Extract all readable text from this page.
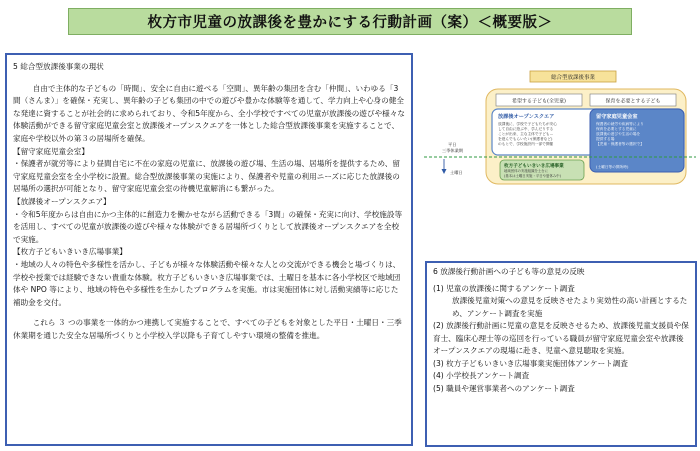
枚方市児童の放課後を豊かにする行動計画（案）＜概要版＞

5 総合型放課後事業の現状

自由で主体的な子どもの「時間」、安全に自由に遊べる「空間」、異年齢の集団を含む「仲間」、いわゆる「3間（さんま）」を確保・充実し、異年齢の子ども集団の中での遊びや豊かな体験等を通して、学力向上や心身の健全な発達に資することが社会的に求められており、令和5年度から、全小学校ですべての児童が放課後の遊びや様々な体験活動ができる留守家庭児童会室と放課後オープンスクエアを一体とした総合型放課後事業を実施することで、家庭や学校以外の第３の居場所を確保。

【留守家庭児童会室】

・保護者が就労等により昼間自宅に不在の家庭の児童に、放課後の遊び場、生活の場、居場所を提供するため、留守家庭児童会室を全小学校に設置。総合型放課後事業の実施により、保護者や児童の利用ニーズに応じた放課後の居場所の選択が可能となり、留守家庭児童会室の待機児童解消にも繋がった。

【放課後オープンスクエア】

・令和5年度からは自由にかつ主体的に創造力を働かせながら活動できる「3間」の確保・充実に向け、学校施設等を活用し、すべての児童が放課後の遊びや様々な体験ができる居場所づくりとして放課後オープンスクエアを全校で実施。

【枚方子どもいきいき広場事業】

・地域の人々の特色や多様性を活かし、子どもが様々な体験活動や様々な人との交流ができる機会と場づくりは、学校や授業では経験できない貴重な体験。枚方子どもいきいき広場事業では、土曜日を基本に各小学校区で地域団体や NPO 等により、地域の特色や多様性を生かしたプログラムを実施。市は実施団体に対し活動実績等に応じた補助金を交付。

これら ３ つの事業を一体的かつ連携して実施することで、すべての子どもを対象とした平日・土曜日・三季休業期を通じた安全な居場所づくりと小学校入学以降も子育てしやすい環境の整備を推進。

総合型放課後事業
希望する子ども(全児童)	保育を必要とする子ども
放課後オープンスクエア
放課後に、学校で子どもたちが安心
して自由に遊ぶ中、学んだりする
ことが出来、主な主体で子ども…
を遊んでもらいたい(保護者など)
のもとで、学校施設内一部で開催
留守家庭児童会室
保護者の就労や疾病等により
保育を必要とする児童に
放課後の遊びや生活の場を
提供する場
【児童・保護者等の選択で】
(土曜日等の開所時)
枚方子どもいきいき広場事業
地域団体の実施組織を土台に
(基本は土曜日実施・平日や夏休み中)
平日
三季休業期
土曜日

6 放課後行動計画への子ども等の意見の反映

(1) 児童の放課後に関するアンケート調査

放課後児童対策への意見を反映させたより実効性の高い計画とするため、アンケート調査を実施

(2) 放課後行動計画に児童の意見を反映させるため、放課後児童支援員や保育士、臨床心理士等の巡回を行っている職員が留守家庭児童会室や放課後オープンスクエアの現場に赴き、児童へ意見聴取を実施。

(3) 枚方子どもいきいき広場事業実施団体アンケート調査

(4) 小学校長アンケート調査

(5) 職員や運営事業者へのアンケート調査
